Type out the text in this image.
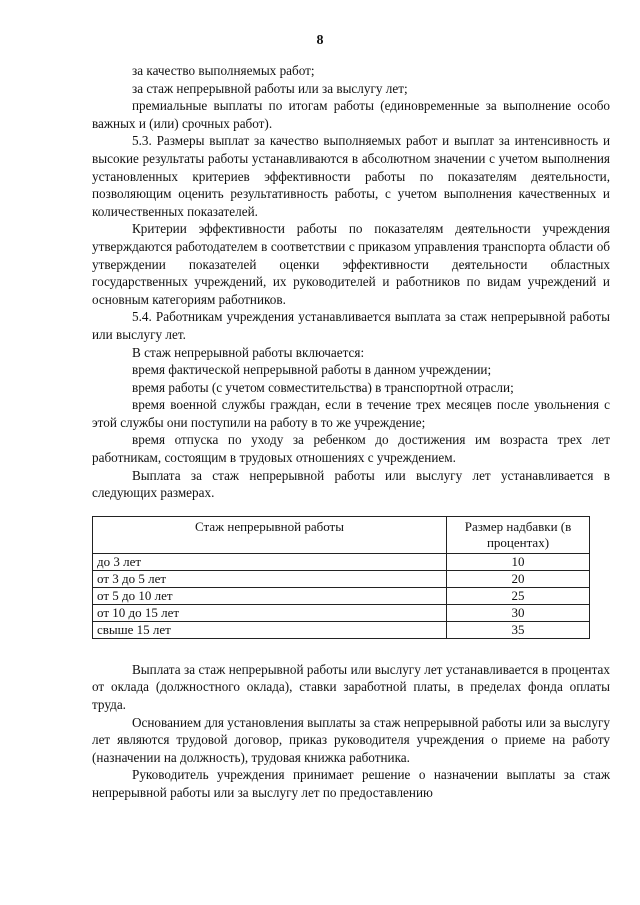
8

за качество выполняемых работ;

за стаж непрерывной работы или за выслугу лет;

премиальные выплаты по итогам работы (единовременные за выполнение особо важных и (или) срочных работ).

5.3. Размеры выплат за качество выполняемых работ и выплат за интенсивность и высокие результаты работы устанавливаются в абсолютном значении с учетом выполнения установленных критериев эффективности работы по показателям деятельности, позволяющим оценить результативность работы, с учетом выполнения качественных и количественных показателей.

Критерии эффективности работы по показателям деятельности учреждения утверждаются работодателем в соответствии с приказом управления транспорта области об утверждении показателей оценки эффективности деятельности областных государственных учреждений, их руководителей и работников по видам учреждений и основным категориям работников.

5.4. Работникам учреждения устанавливается выплата за стаж непрерывной работы или выслугу лет.

В стаж непрерывной работы включается:

время фактической непрерывной работы в данном учреждении;

время работы (с учетом совместительства) в транспортной отрасли;

время военной службы граждан, если в течение трех месяцев после увольнения с этой службы они поступили на работу в то же учреждение;

время отпуска по уходу за ребенком до достижения им возраста трех лет работникам, состоящим в трудовых отношениях с учреждением.

Выплата за стаж непрерывной работы или выслугу лет устанавливается в следующих размерах.

Стаж непрерывной работы	Размер надбавки (в процентах)
до 3 лет	10
от 3 до 5 лет	20
от 5 до 10 лет	25
от 10 до 15 лет	30
свыше 15 лет	35

Выплата за стаж непрерывной работы или выслугу лет устанавливается в процентах от оклада (должностного оклада), ставки заработной платы, в пределах фонда оплаты труда.

Основанием для установления выплаты за стаж непрерывной работы или за выслугу лет являются трудовой договор, приказ руководителя учреждения о приеме на работу (назначении на должность), трудовая книжка работника.

Руководитель учреждения принимает решение о назначении выплаты за стаж непрерывной работы или за выслугу лет по предоставлению
